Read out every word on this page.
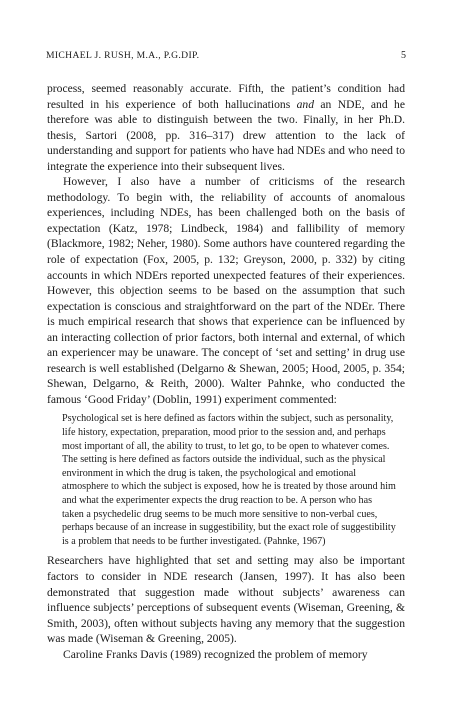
MICHAEL J. RUSH, M.A., P.G.DIP.	5

process, seemed reasonably accurate. Fifth, the patient’s condition had resulted in his experience of both hallucinations and an NDE, and he therefore was able to distinguish between the two. Finally, in her Ph.D. thesis, Sartori (2008, pp. 316–317) drew attention to the lack of understanding and support for patients who have had NDEs and who need to integrate the experience into their subsequent lives.

However, I also have a number of criticisms of the research methodology. To begin with, the reliability of accounts of anomalous experiences, including NDEs, has been challenged both on the basis of expectation (Katz, 1978; Lindbeck, 1984) and fallibility of memory (Blackmore, 1982; Neher, 1980). Some authors have countered regarding the role of expectation (Fox, 2005, p. 132; Greyson, 2000, p. 332) by citing accounts in which NDErs reported unexpected features of their experiences. However, this objection seems to be based on the assumption that such expectation is conscious and straightforward on the part of the NDEr. There is much empirical research that shows that experience can be influenced by an interacting collection of prior factors, both internal and external, of which an experiencer may be unaware. The concept of ‘set and setting’ in drug use research is well established (Delgarno & Shewan, 2005; Hood, 2005, p. 354; Shewan, Delgarno, & Reith, 2000). Walter Pahnke, who conducted the famous ‘Good Friday’ (Doblin, 1991) experiment commented:

Psychological set is here defined as factors within the subject, such as personality, life history, expectation, preparation, mood prior to the session and, and perhaps most important of all, the ability to trust, to let go, to be open to whatever comes. The setting is here defined as factors outside the individual, such as the physical environment in which the drug is taken, the psychological and emotional atmosphere to which the subject is exposed, how he is treated by those around him and what the experimenter expects the drug reaction to be. A person who has taken a psychedelic drug seems to be much more sensitive to non-verbal cues, perhaps because of an increase in suggestibility, but the exact role of suggestibility is a problem that needs to be further investigated. (Pahnke, 1967)

Researchers have highlighted that set and setting may also be important factors to consider in NDE research (Jansen, 1997). It has also been demonstrated that suggestion made without subjects’ awareness can influence subjects’ perceptions of subsequent events (Wiseman, Greening, & Smith, 2003), often without subjects having any memory that the suggestion was made (Wiseman & Greening, 2005).

Caroline Franks Davis (1989) recognized the problem of memory
